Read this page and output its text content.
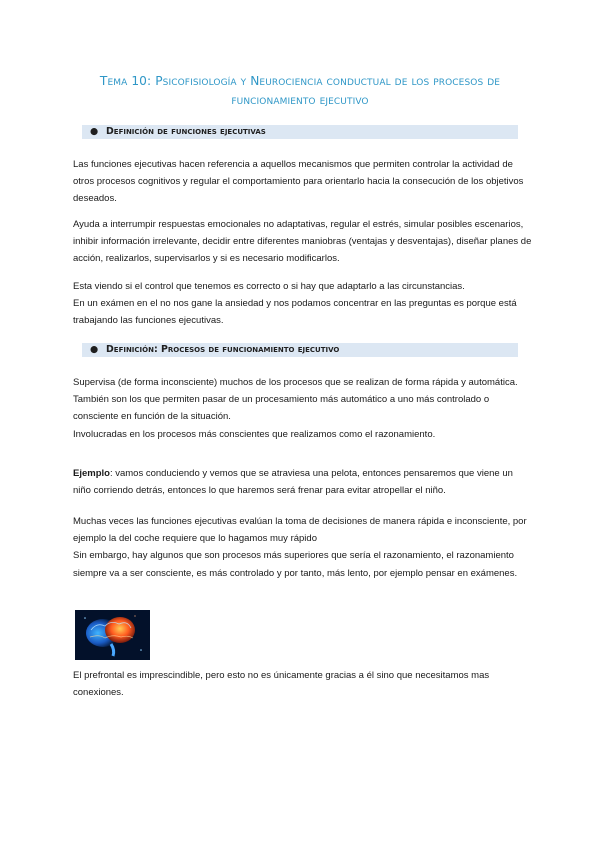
Tema 10: Psicofisiología y Neurociencia conductual de los procesos de
funcionamiento ejecutivo
● Definición de funciones ejecutivas

Las funciones ejecutivas hacen referencia a aquellos mecanismos que permiten controlar la actividad de otros procesos cognitivos y regular el comportamiento para orientarlo hacia la consecución de los objetivos deseados.

Ayuda a interrumpir respuestas emocionales no adaptativas, regular el estrés, simular posibles escenarios, inhibir información irrelevante, decidir entre diferentes maniobras (ventajas y desventajas), diseñar planes de acción, realizarlos, supervisarlos y si es necesario modificarlos.

Esta viendo si el control que tenemos es correcto o si hay que adaptarlo a las circunstancias.

En un exámen en el no nos gane la ansiedad y nos podamos concentrar en las preguntas es porque está trabajando las funciones ejecutivas.

● Definición: Procesos de funcionamiento ejecutivo

Supervisa (de forma inconsciente) muchos de los procesos que se realizan de forma rápida y automática.

También son los que permiten pasar de un procesamiento más automático a uno más controlado o consciente en función de la situación.

Involucradas en los procesos más conscientes que realizamos como el razonamiento.

Ejemplo: vamos conduciendo y vemos que se atraviesa una pelota, entonces pensaremos que viene un niño corriendo detrás, entonces lo que haremos será frenar para evitar atropellar el niño.

Muchas veces las funciones ejecutivas evalúan la toma de decisiones de manera rápida e inconsciente, por ejemplo la del coche requiere que lo hagamos muy rápido

Sin embargo, hay algunos que son procesos más superiores que sería el razonamiento, el razonamiento siempre va a ser consciente, es más controlado y por tanto, más lento, por ejemplo pensar en exámenes.

El prefrontal es imprescindible, pero esto no es únicamente gracias a él sino que necesitamos mas conexiones.
